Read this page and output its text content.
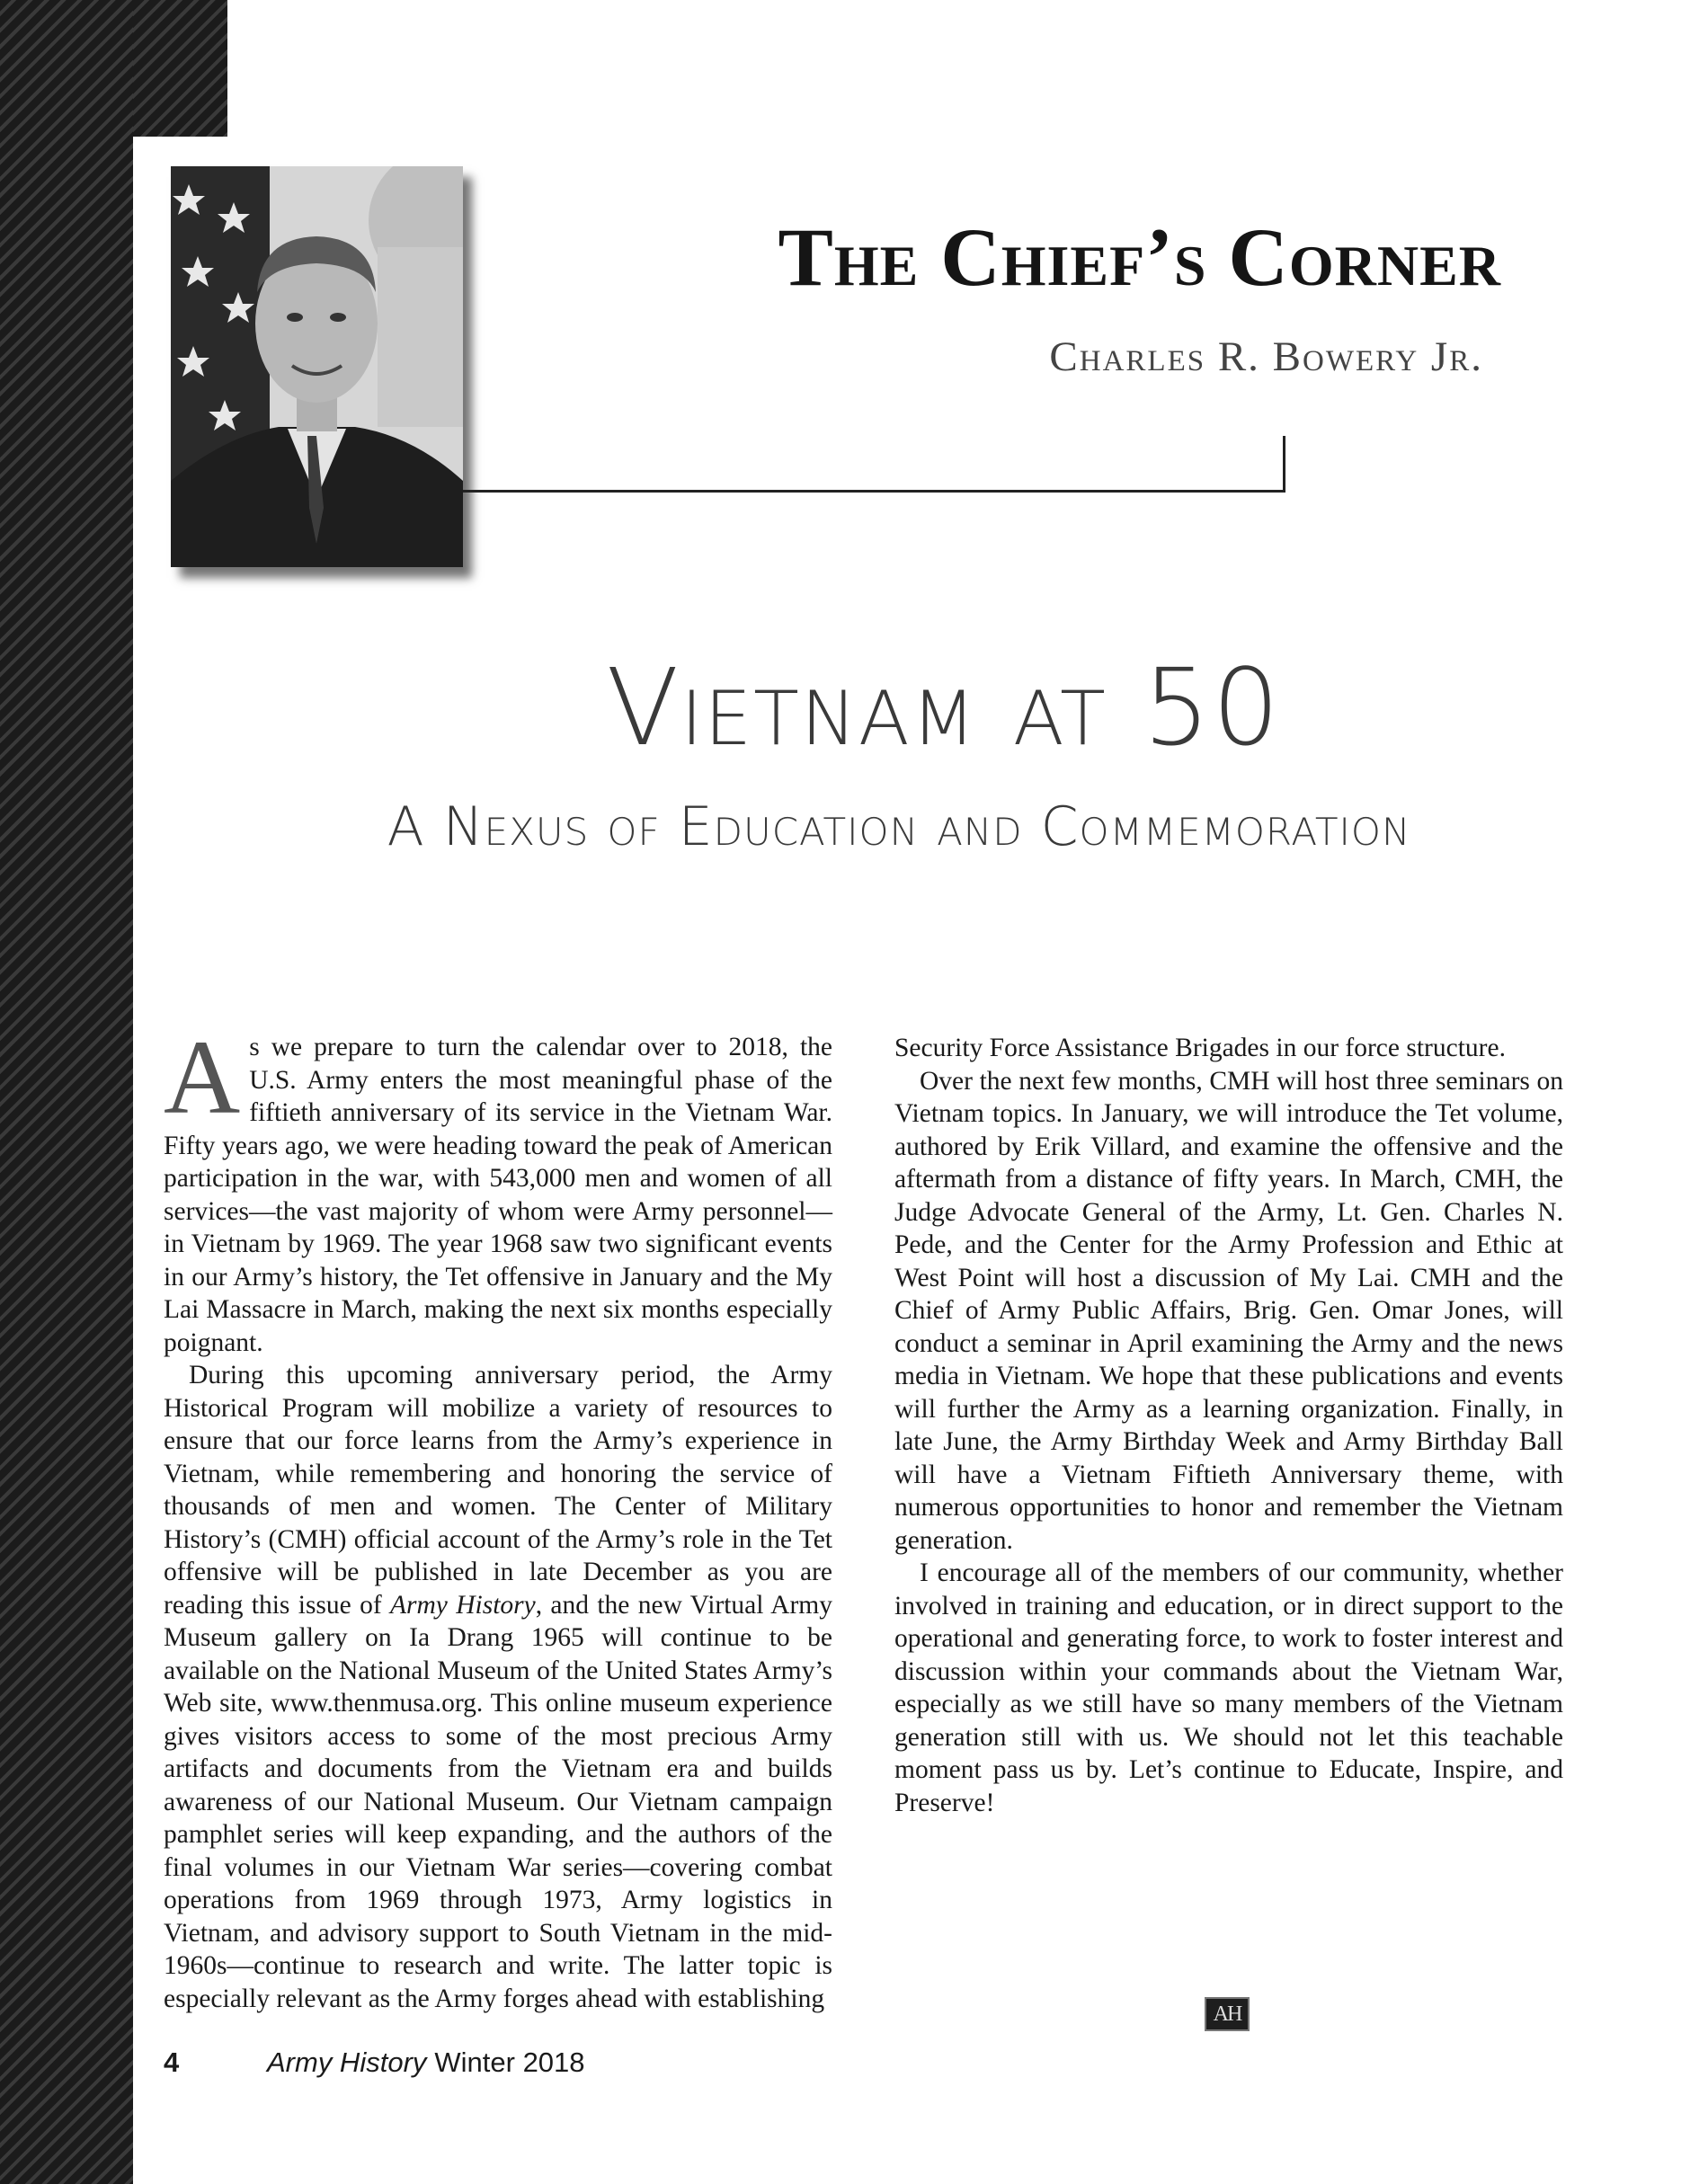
The Chief’s Corner
Charles R. Bowery Jr.
Vietnam at 50
A Nexus of Education and Commemoration

As we prepare to turn the calendar over to 2018, the U.S. Army enters the most meaningful phase of the fiftieth anniversary of its service in the Vietnam War. Fifty years ago, we were heading toward the peak of American participation in the war, with 543,000 men and women of all services—the vast majority of whom were Army personnel—in Vietnam by 1969. The year 1968 saw two significant events in our Army’s history, the Tet offensive in January and the My Lai Massacre in March, making the next six months especially poignant.

During this upcoming anniversary period, the Army Historical Program will mobilize a variety of resources to ensure that our force learns from the Army’s experience in Vietnam, while remembering and honoring the service of thousands of men and women. The Center of Military History’s (CMH) official account of the Army’s role in the Tet offensive will be published in late December as you are reading this issue of Army History, and the new Virtual Army Museum gallery on Ia Drang 1965 will continue to be available on the National Museum of the United States Army’s Web site, www.thenmusa.org. This online museum experience gives visitors access to some of the most precious Army artifacts and documents from the Vietnam era and builds awareness of our National Museum. Our Vietnam campaign pamphlet series will keep expanding, and the authors of the final volumes in our Vietnam War series—covering combat operations from 1969 through 1973, Army logistics in Vietnam, and advisory support to South Vietnam in the mid-1960s—continue to research and write. The latter topic is especially relevant as the Army forges ahead with establishing

Security Force Assistance Brigades in our force structure.

Over the next few months, CMH will host three seminars on Vietnam topics. In January, we will introduce the Tet volume, authored by Erik Villard, and examine the offensive and the aftermath from a distance of fifty years. In March, CMH, the Judge Advocate General of the Army, Lt. Gen. Charles N. Pede, and the Center for the Army Profession and Ethic at West Point will host a discussion of My Lai. CMH and the Chief of Army Public Affairs, Brig. Gen. Omar Jones, will conduct a seminar in April examining the Army and the news media in Vietnam. We hope that these publications and events will further the Army as a learning organization. Finally, in late June, the Army Birthday Week and Army Birthday Ball will have a Vietnam Fiftieth Anniversary theme, with numerous opportunities to honor and remember the Vietnam generation.

I encourage all of the members of our community, whether involved in training and education, or in direct support to the operational and generating force, to work to foster interest and discussion within your commands about the Vietnam War, especially as we still have so many members of the Vietnam generation still with us. We should not let this teachable moment pass us by. Let’s continue to Educate, Inspire, and Preserve!

AH
4	Army History Winter 2018
